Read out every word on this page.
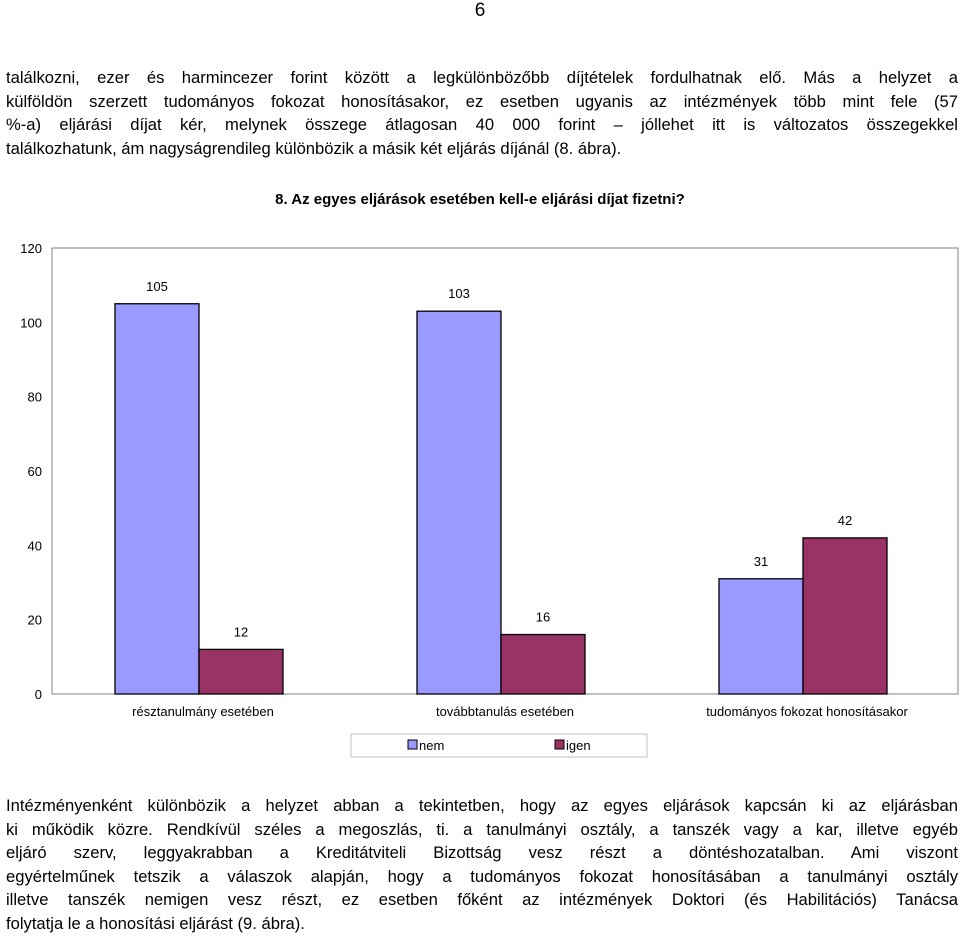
6

találkozni, ezer és harmincezer forint között a legkülönbözőbb díjtételek fordulhatnak elő. Más a helyzet a
külföldön szerzett tudományos fokozat honosításakor, ez esetben ugyanis az intézmények több mint fele (57
%-a) eljárási díjat kér, melynek összege átlagosan 40 000 forint – jóllehet itt is változatos összegekkel
találkozhatunk, ám nagyságrendileg különbözik a másik két eljárás díjánál (8. ábra).

8. Az egyes eljárások esetében kell-e eljárási díjat fizetni?
0
20
40
60
80
100
120
105
12
résztanulmány esetében
103
16
továbbtanulás esetében
31
42
tudományos fokozat honosításakor
nem	igen

Intézményenként különbözik a helyzet abban a tekintetben, hogy az egyes eljárások kapcsán ki az eljárásban
ki működik közre. Rendkívül széles a megoszlás, ti. a tanulmányi osztály, a tanszék vagy a kar, illetve egyéb
eljáró szerv, leggyakrabban a Kreditátviteli Bizottság vesz részt a döntéshozatalban. Ami viszont
egyértelműnek tetszik a válaszok alapján, hogy a tudományos fokozat honosításában a tanulmányi osztály
illetve tanszék nemigen vesz részt, ez esetben főként az intézmények Doktori (és Habilitációs) Tanácsa
folytatja le a honosítási eljárást (9. ábra).
